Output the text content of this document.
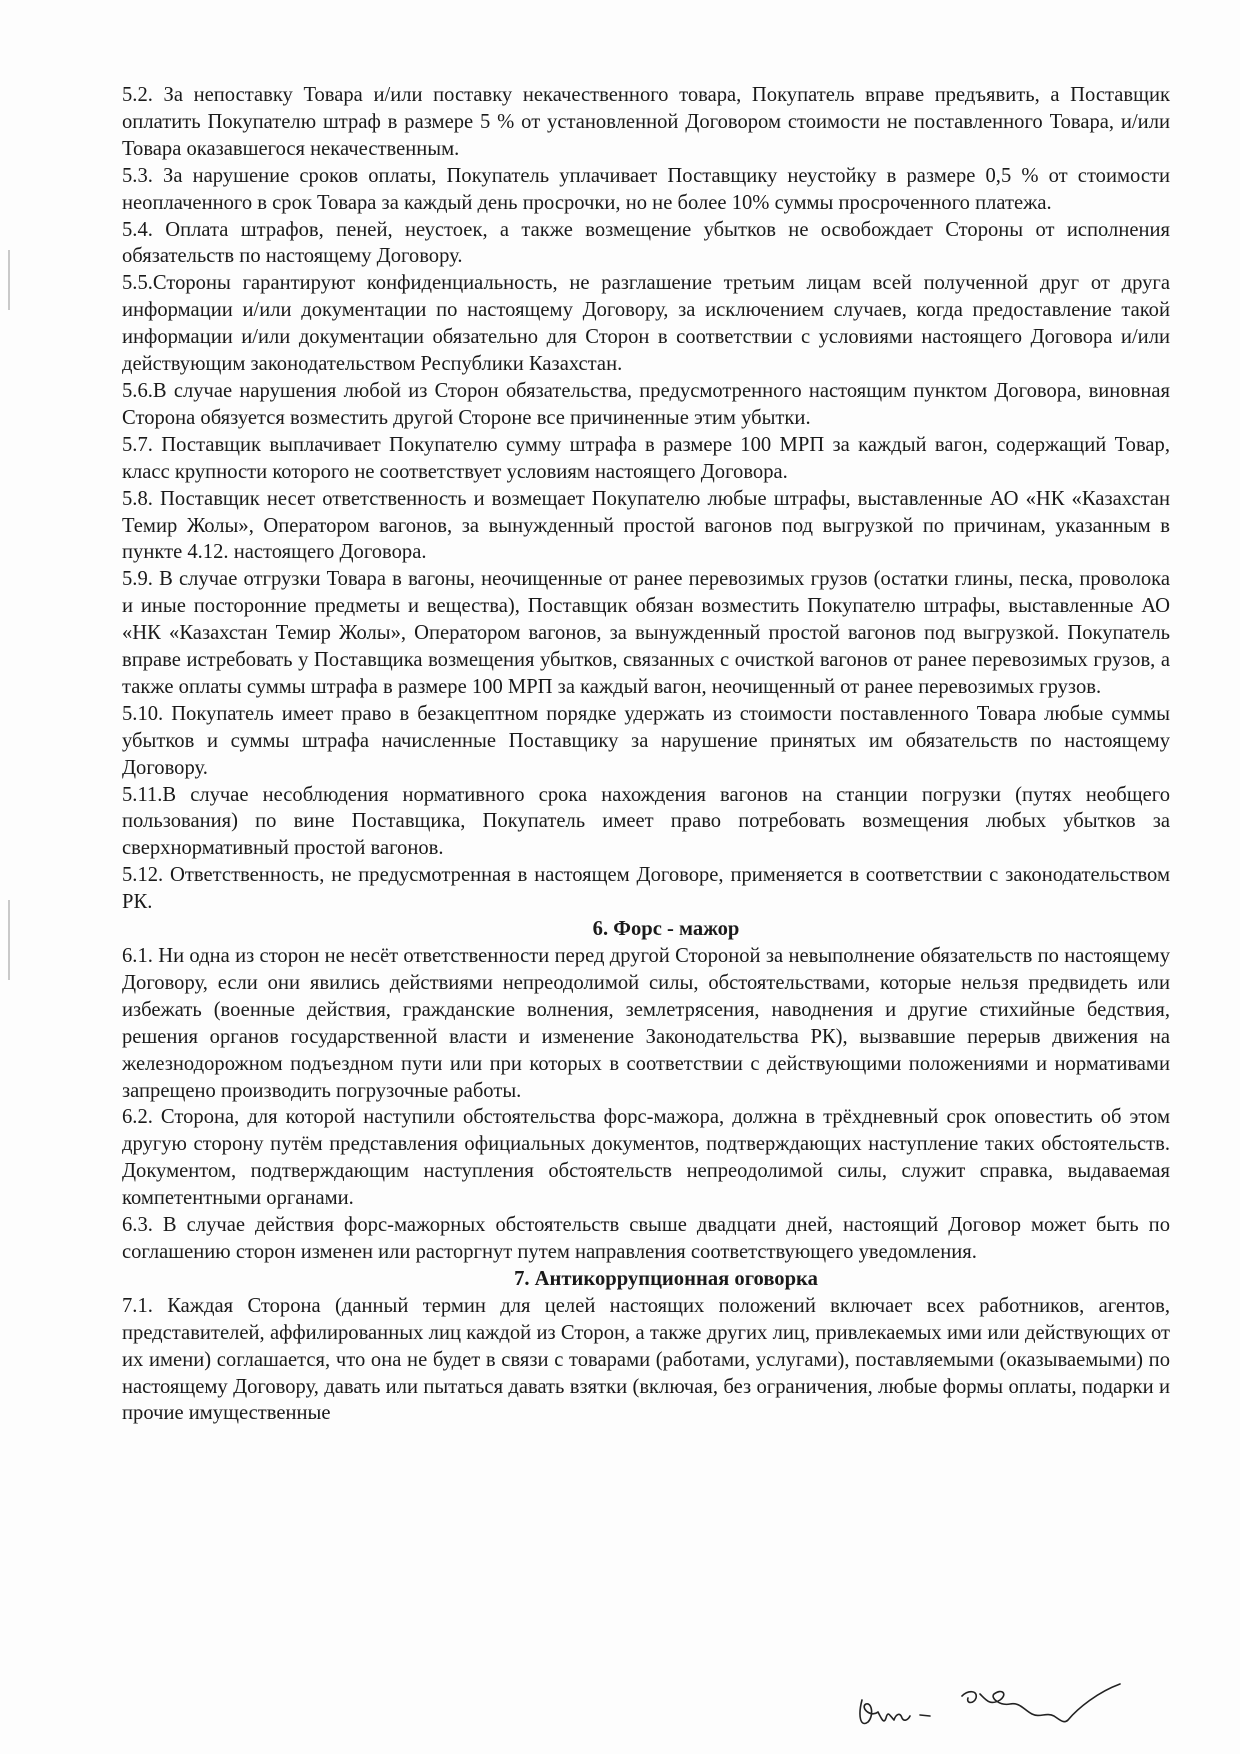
5.2. За непоставку Товара и/или поставку некачественного товара, Покупатель вправе предъявить, а Поставщик оплатить Покупателю штраф в размере 5 % от установленной Договором стоимости не поставленного Товара, и/или Товара оказавшегося некачественным.

5.3. За нарушение сроков оплаты, Покупатель уплачивает Поставщику неустойку в размере 0,5 % от стоимости неоплаченного в срок Товара за каждый день просрочки, но не более 10% суммы просроченного платежа.

5.4. Оплата штрафов, пеней, неустоек, а также возмещение убытков не освобождает Стороны от исполнения обязательств по настоящему Договору.

5.5.Стороны гарантируют конфиденциальность, не разглашение третьим лицам всей полученной друг от друга информации и/или документации по настоящему Договору, за исключением случаев, когда предоставление такой информации и/или документации обязательно для Сторон в соответствии с условиями настоящего Договора и/или действующим законодательством Республики Казахстан.

5.6.В случае нарушения любой из Сторон обязательства, предусмотренного настоящим пунктом Договора, виновная Сторона обязуется возместить другой Стороне все причиненные этим убытки.

5.7. Поставщик выплачивает Покупателю сумму штрафа в размере 100 МРП за каждый вагон, содержащий Товар, класс крупности которого не соответствует условиям настоящего Договора.

5.8. Поставщик несет ответственность и возмещает Покупателю любые штрафы, выставленные АО «НК «Казахстан Темир Жолы», Оператором вагонов, за вынужденный простой вагонов под выгрузкой по причинам, указанным в пункте 4.12. настоящего Договора.

5.9. В случае отгрузки Товара в вагоны, неочищенные от ранее перевозимых грузов (остатки глины, песка, проволока и иные посторонние предметы и вещества), Поставщик обязан возместить Покупателю штрафы, выставленные АО «НК «Казахстан Темир Жолы», Оператором вагонов, за вынужденный простой вагонов под выгрузкой. Покупатель вправе истребовать у Поставщика возмещения убытков, связанных с очисткой вагонов от ранее перевозимых грузов, а также оплаты суммы штрафа в размере 100 МРП за каждый вагон, неочищенный от ранее перевозимых грузов.

5.10. Покупатель имеет право в безакцептном порядке удержать из стоимости поставленного Товара любые суммы убытков и суммы штрафа начисленные Поставщику за нарушение принятых им обязательств по настоящему Договору.

5.11.В случае несоблюдения нормативного срока нахождения вагонов на станции погрузки (путях необщего пользования) по вине Поставщика, Покупатель имеет право потребовать возмещения любых убытков за сверхнормативный простой вагонов.

5.12. Ответственность, не предусмотренная в настоящем Договоре, применяется в соответствии с законодательством РК.

6. Форс - мажор

6.1. Ни одна из сторон не несёт ответственности перед другой Стороной за невыполнение обязательств по настоящему Договору, если они явились действиями непреодолимой силы, обстоятельствами, которые нельзя предвидеть или избежать (военные действия, гражданские волнения, землетрясения, наводнения и другие стихийные бедствия, решения органов государственной власти и изменение Законодательства РК), вызвавшие перерыв движения на железнодорожном подъездном пути или при которых в соответствии с действующими положениями и нормативами запрещено производить погрузочные работы.

6.2. Сторона, для которой наступили обстоятельства форс-мажора, должна в трёхдневный срок оповестить об этом другую сторону путём представления официальных документов, подтверждающих наступление таких обстоятельств. Документом, подтверждающим наступления обстоятельств непреодолимой силы, служит справка, выдаваемая компетентными органами.

6.3. В случае действия форс-мажорных обстоятельств свыше двадцати дней, настоящий Договор может быть по соглашению сторон изменен или расторгнут путем направления соответствующего уведомления.

7. Антикоррупционная оговорка

7.1. Каждая Сторона (данный термин для целей настоящих положений включает всех работников, агентов, представителей, аффилированных лиц каждой из Сторон, а также других лиц, привлекаемых ими или действующих от их имени) соглашается, что она не будет в связи с товарами (работами, услугами), поставляемыми (оказываемыми) по настоящему Договору, давать или пытаться давать взятки (включая, без ограничения, любые формы оплаты, подарки и прочие имущественные
